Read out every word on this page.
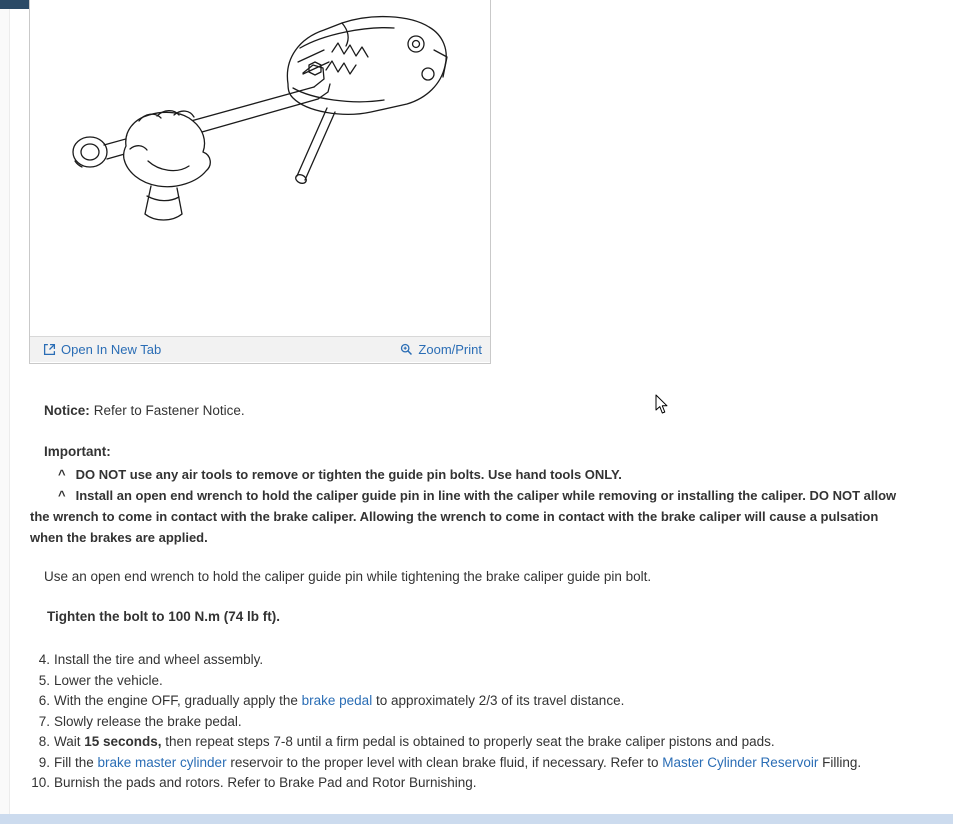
Open In New Tab	Zoom/Print
Notice: Refer to Fastener Notice.
Important:

^ DO NOT use any air tools to remove or tighten the guide pin bolts. Use hand tools ONLY.

^ Install an open end wrench to hold the caliper guide pin in line with the caliper while removing or installing the caliper. DO NOT allow the wrench to come in contact with the brake caliper. Allowing the wrench to come in contact with the brake caliper will cause a pulsation when the brakes are applied.

Use an open end wrench to hold the caliper guide pin while tightening the brake caliper guide pin bolt.
Tighten the bolt to 100 N.m (74 lb ft).
4. Install the tire and wheel assembly.
5. Lower the vehicle.
6. With the engine OFF, gradually apply the brake pedal to approximately 2/3 of its travel distance.
7. Slowly release the brake pedal.
8. Wait 15 seconds, then repeat steps 7-8 until a firm pedal is obtained to properly seat the brake caliper pistons and pads.
9. Fill the brake master cylinder reservoir to the proper level with clean brake fluid, if necessary. Refer to Master Cylinder Reservoir Filling.
10. Burnish the pads and rotors. Refer to Brake Pad and Rotor Burnishing.
